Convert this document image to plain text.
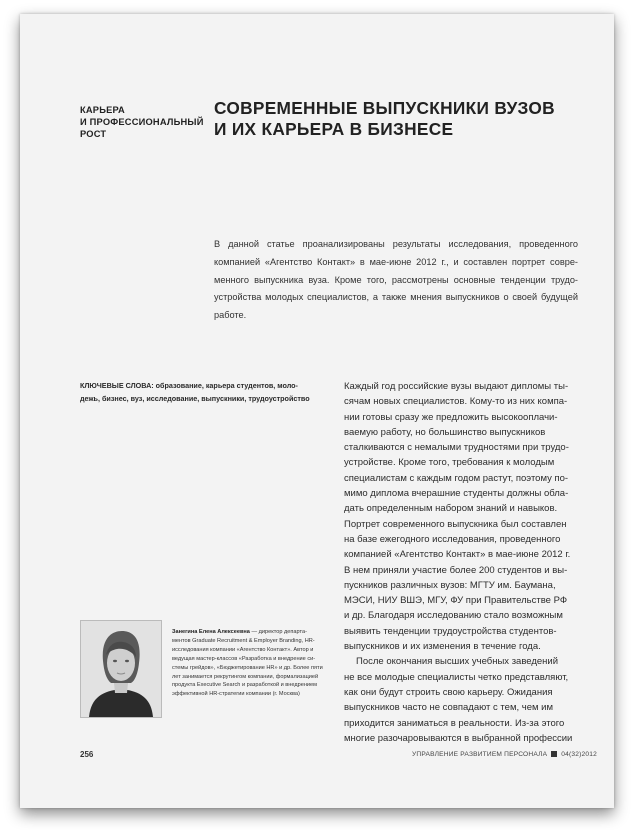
КАРЬЕРА
И ПРОФЕССИОНАЛЬНЫЙ
РОСТ
СОВРЕМЕННЫЕ ВЫПУСКНИКИ ВУЗОВ
И ИХ КАРЬЕРА В БИЗНЕСЕ
В данной статье проанализированы результаты исследования, проведенного
компанией «Агентство Контакт» в мае-июне 2012 г., и составлен портрет совре-
менного выпускника вуза. Кроме того, рассмотрены основные тенденции трудо-
устройства молодых специалистов, а также мнения выпускников о своей будущей
работе.
КЛЮЧЕВЫЕ СЛОВА: образование, карьера студентов, моло-
дежь, бизнес, вуз, исследование, выпускники, трудоустройство
Каждый год российские вузы выдают дипломы ты-
сячам новых специалистов. Кому-то из них компа-
нии готовы сразу же предложить высокооплачи-
ваемую работу, но большинство выпускников
сталкиваются с немалыми трудностями при трудо-
устройстве. Кроме того, требования к молодым
специалистам с каждым годом растут, поэтому по-
мимо диплома вчерашние студенты должны обла-
дать определенным набором знаний и навыков.
Портрет современного выпускника был составлен
на базе ежегодного исследования, проведенного
компанией «Агентство Контакт» в мае-июне 2012 г.
В нем приняли участие более 200 студентов и вы-
пускников различных вузов: МГТУ им. Баумана,
МЭСИ, НИУ ВШЭ, МГУ, ФУ при Правительстве РФ
и др. Благодаря исследованию стало возможным
выявить тенденции трудоустройства студентов-
выпускников и их изменения в течение года.
После окончания высших учебных заведений
не все молодые специалисты четко представляют,
как они будут строить свою карьеру. Ожидания
выпускников часто не совпадают с тем, чем им
приходится заниматься в реальности. Из-за этого
многие разочаровываются в выбранной профессии
Занегина Елена Алексеевна — директор департа-
ментов Graduate Recruitment & Employer Branding, HR-
исследования компании «Агентство Контакт». Автор и
ведущая мастер-классов «Разработка и внедрение си-
стемы грейдов», «Бюджетирование HR» и др. Более пяти
лет занимается рекрутингом компании, формализацией
продукта Executive Search и разработкой и внедрением
эффективной HR-стратегии компании (г. Москва)
256	УПРАВЛЕНИЕ РАЗВИТИЕМ ПЕРСОНАЛА 04(32)2012
